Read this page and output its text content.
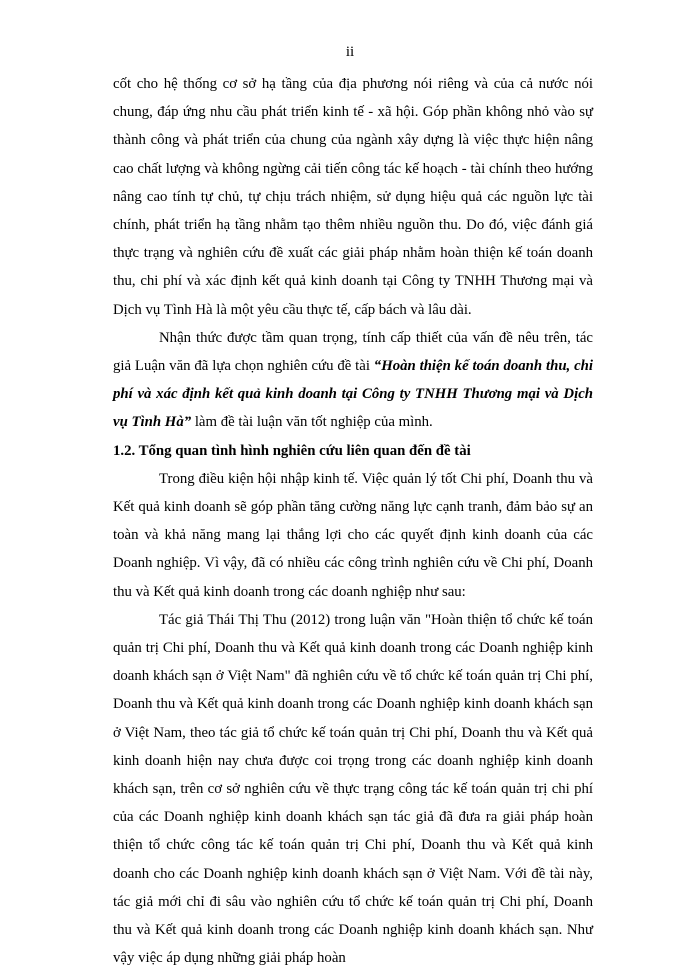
ii

cốt cho hệ thống cơ sở hạ tầng của địa phương nói riêng và của cả nước nói chung, đáp ứng nhu cầu phát triển kinh tế - xã hội. Góp phần không nhỏ vào sự thành công và phát triển của chung của ngành xây dựng là việc thực hiện nâng cao chất lượng và không ngừng cải tiến công tác kế hoạch - tài chính theo hướng nâng cao tính tự chủ, tự chịu trách nhiệm, sử dụng hiệu quả các nguồn lực tài chính, phát triển hạ tầng nhằm tạo thêm nhiều nguồn thu. Do đó, việc đánh giá thực trạng và nghiên cứu đề xuất các giải pháp nhằm hoàn thiện kế toán doanh thu, chi phí và xác định kết quả kinh doanh tại Công ty TNHH Thương mại và Dịch vụ Tình Hà là một yêu cầu thực tế, cấp bách và lâu dài.

Nhận thức được tầm quan trọng, tính cấp thiết của vấn đề nêu trên, tác giả Luận văn đã lựa chọn nghiên cứu đề tài “Hoàn thiện kế toán doanh thu, chi phí và xác định kết quả kinh doanh tại Công ty TNHH Thương mại và Dịch vụ Tình Hà” làm đề tài luận văn tốt nghiệp của mình.

1.2. Tổng quan tình hình nghiên cứu liên quan đến đề tài

Trong điều kiện hội nhập kinh tế. Việc quản lý tốt Chi phí, Doanh thu và Kết quả kinh doanh sẽ góp phần tăng cường năng lực cạnh tranh, đảm bảo sự an toàn và khả năng mang lại thắng lợi cho các quyết định kinh doanh của các Doanh nghiệp. Vì vậy, đã có nhiều các công trình nghiên cứu về Chi phí, Doanh thu và Kết quả kinh doanh trong các doanh nghiệp như sau:

Tác giả Thái Thị Thu (2012) trong luận văn "Hoàn thiện tổ chức kế toán quản trị Chi phí, Doanh thu và Kết quả kinh doanh trong các Doanh nghiệp kinh doanh khách sạn ở Việt Nam" đã nghiên cứu về tổ chức kế toán quản trị Chi phí, Doanh thu và Kết quả kinh doanh trong các Doanh nghiệp kinh doanh khách sạn ở Việt Nam, theo tác giả tổ chức kế toán quản trị Chi phí, Doanh thu và Kết quả kinh doanh hiện nay chưa được coi trọng trong các doanh nghiệp kinh doanh khách sạn, trên cơ sở nghiên cứu về thực trạng công tác kế toán quản trị chi phí của các Doanh nghiệp kinh doanh khách sạn tác giả đã đưa ra giải pháp hoàn thiện tổ chức công tác kế toán quản trị Chi phí, Doanh thu và Kết quả kinh doanh cho các Doanh nghiệp kinh doanh khách sạn ở Việt Nam. Với đề tài này, tác giả mới chỉ đi sâu vào nghiên cứu tổ chức kế toán quản trị Chi phí, Doanh thu và Kết quả kinh doanh trong các Doanh nghiệp kinh doanh khách sạn. Như vậy việc áp dụng những giải pháp hoàn
